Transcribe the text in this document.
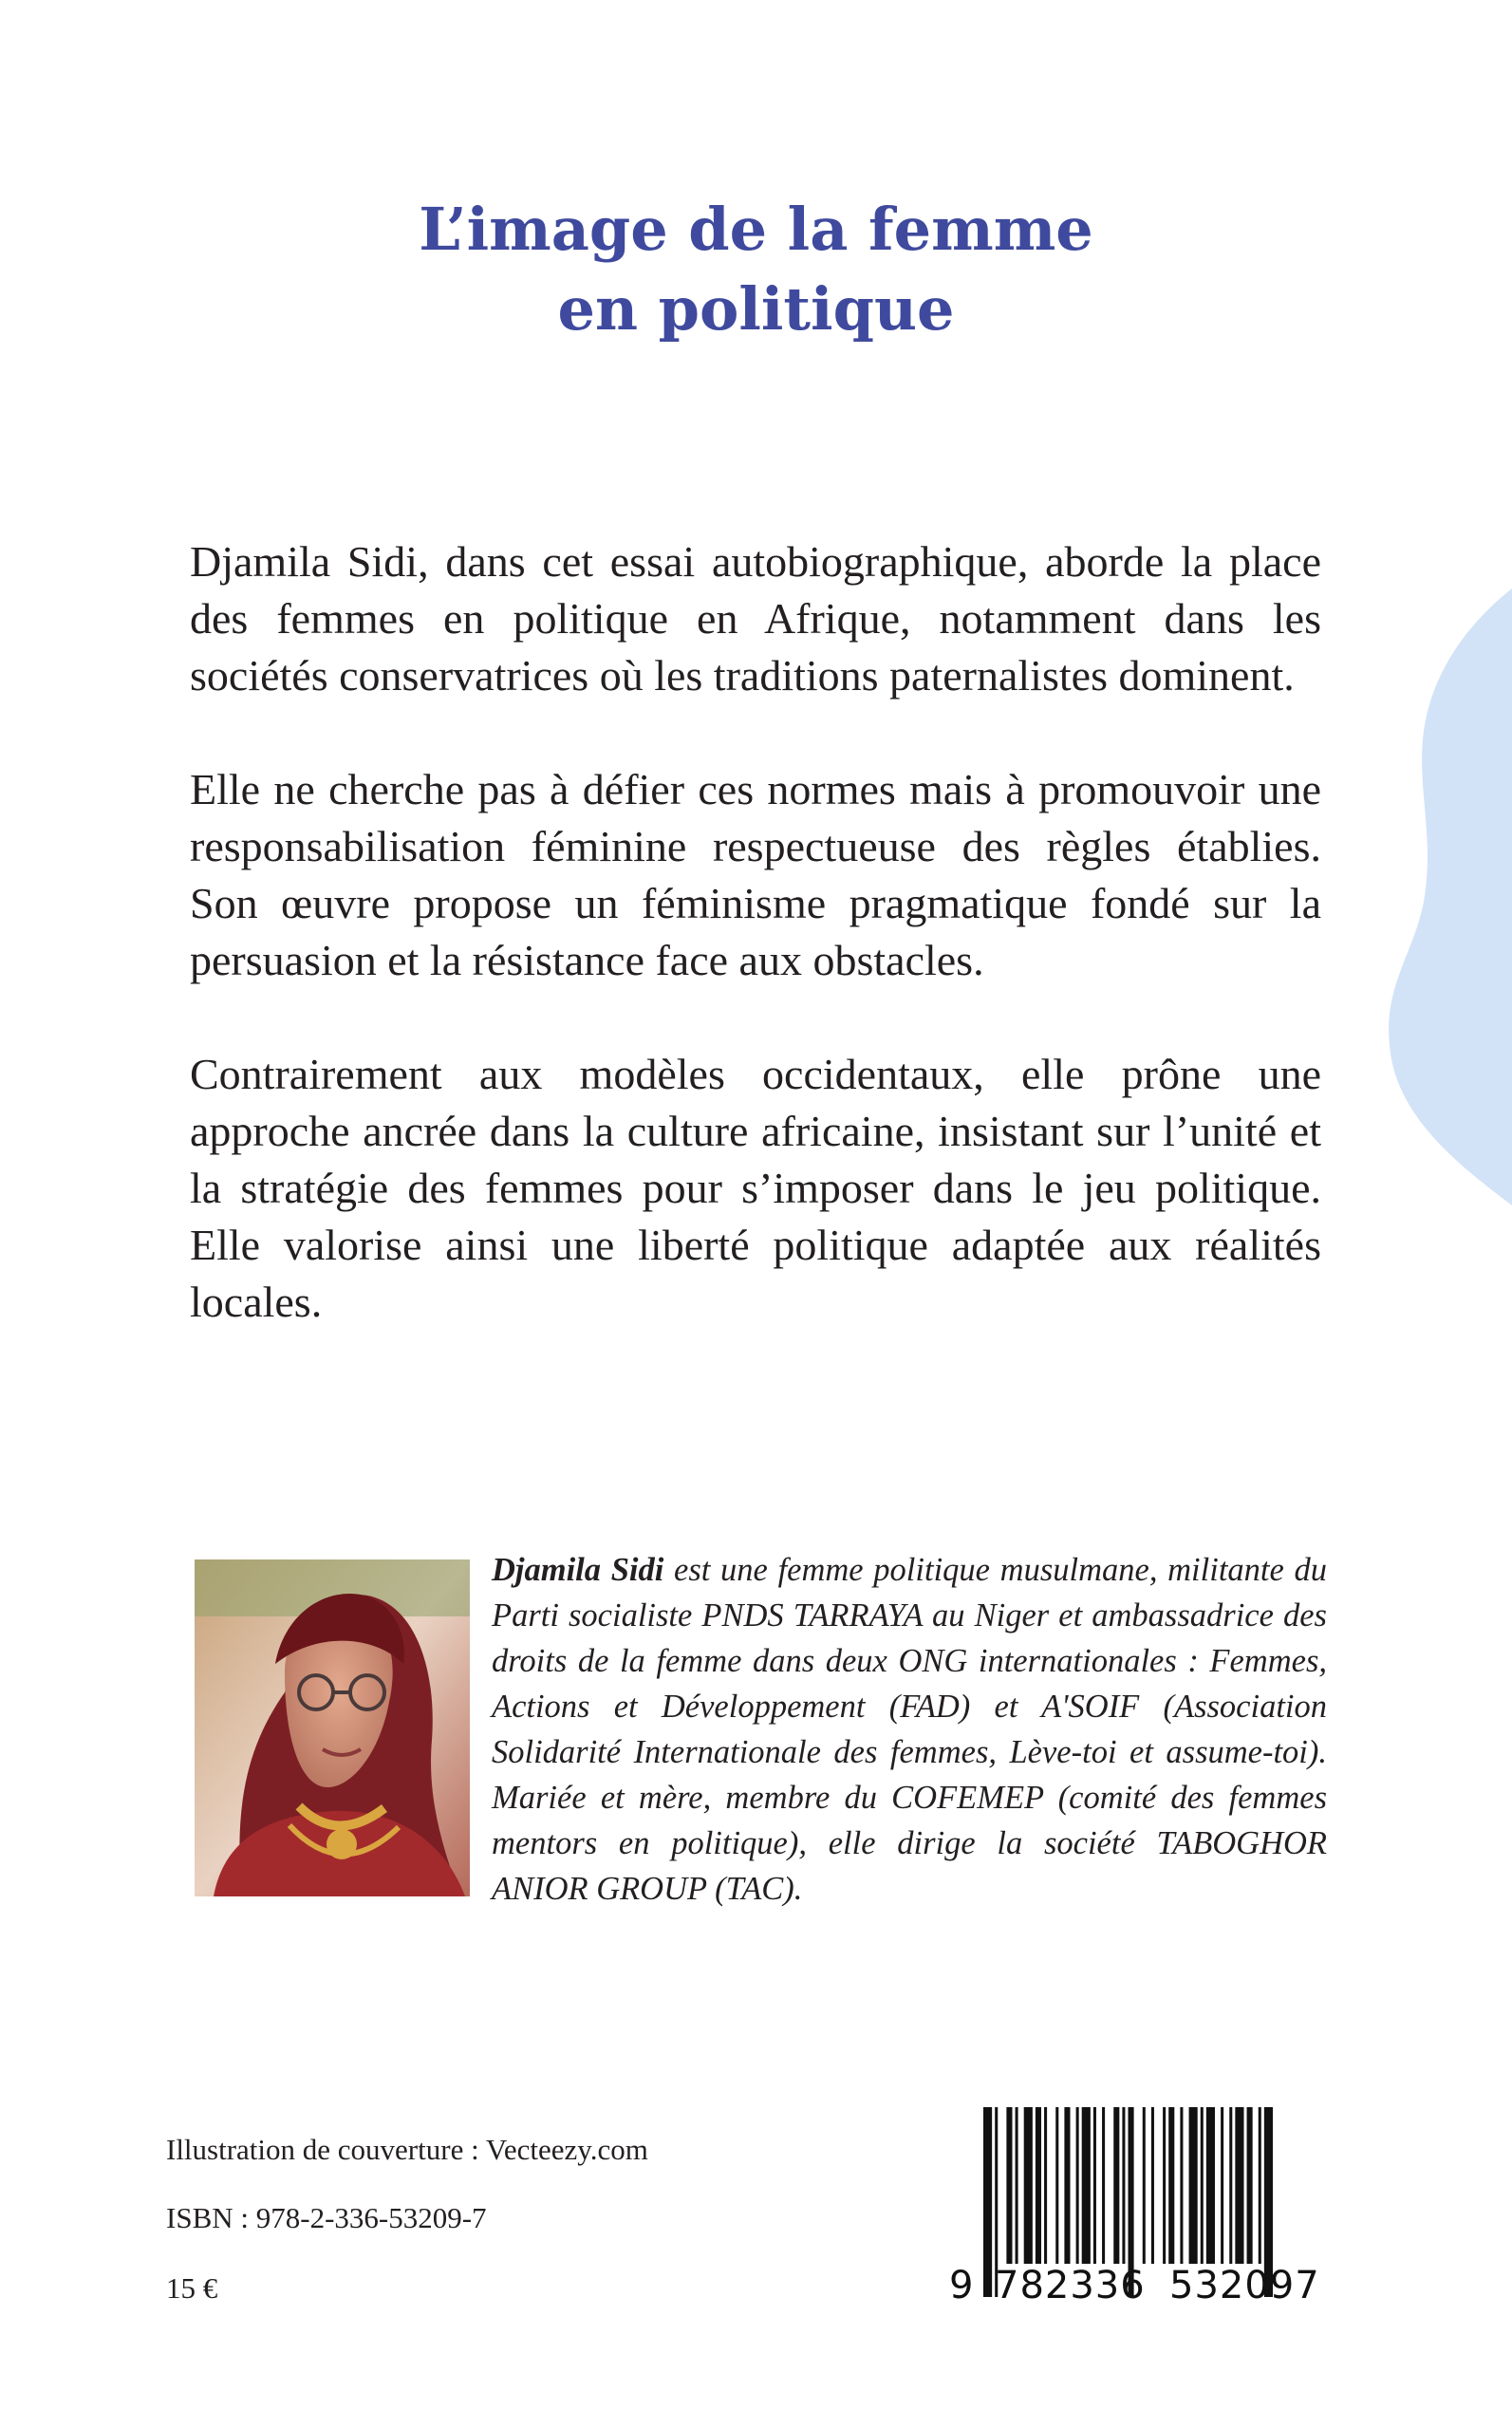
L’image de la femme
en politique

Djamila Sidi, dans cet essai autobiographique, aborde la place des femmes en politique en Afrique, notamment dans les sociétés conservatrices où les traditions paternalistes dominent.

Elle ne cherche pas à défier ces normes mais à promouvoir une responsabilisation féminine respectueuse des règles établies. Son œuvre propose un féminisme pragmatique fondé sur la persuasion et la résistance face aux obstacles.

Contrairement aux modèles occidentaux, elle prône une approche ancrée dans la culture africaine, insistant sur l’unité et la stratégie des femmes pour s’imposer dans le jeu politique. Elle valorise ainsi une liberté politique adaptée aux réalités locales.

Djamila Sidi est une femme politique musulmane, militante du Parti socialiste PNDS TARRAYA au Niger et ambassadrice des droits de la femme dans deux ONG internationales : Femmes, Actions et Développement (FAD) et A'SOIF (Association Solidarité Internationale des femmes, Lève-toi et assume-toi). Mariée et mère, membre du COFEMEP (comité des femmes mentors en politique), elle dirige la société TABOGHOR ANIOR GROUP (TAC).

Illustration de couverture : Vecteezy.com
ISBN : 978-2-336-53209-7
15 €	9 782336 532097
